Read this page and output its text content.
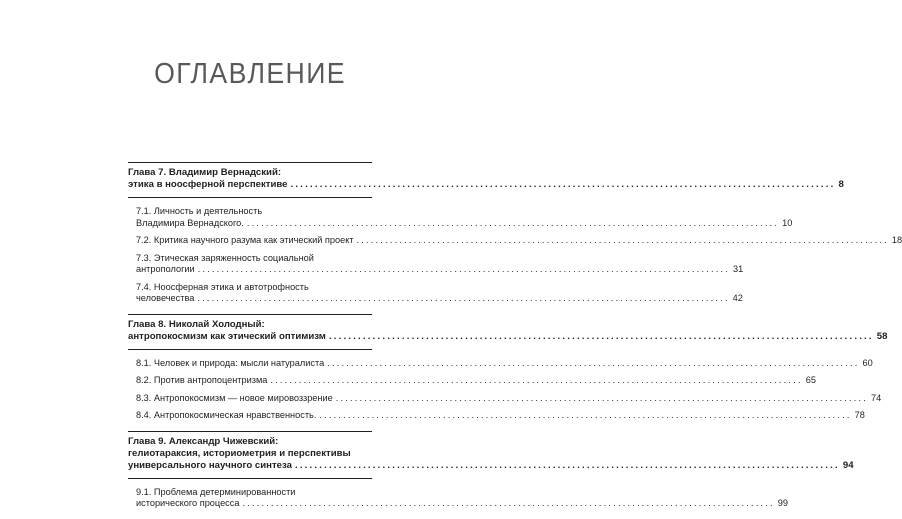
ОГЛАВЛЕНИЕ
Глава 7. Владимир Вернадский:
этика в ноосферной перспективе ................................................................................................................ 8
7.1. Личность и деятельность
Владимира Вернадского. ................................................................................................................ 10
7.2. Критика научного разума как этический проект ................................................................................................................ 18
7.3. Этическая заряженность социальной
антропологии ................................................................................................................ 31
7.4. Ноосферная этика и автотрофность
человечества ................................................................................................................ 42
Глава 8. Николай Холодный:
антропокосмизм как этический оптимизм ................................................................................................................ 58
8.1. Человек и природа: мысли натуралиста ................................................................................................................ 60
8.2. Против антропоцентризма ................................................................................................................ 65
8.3. Антропокосмизм — новое мировоззрение ................................................................................................................ 74
8.4. Антропокосмическая нравственность. ................................................................................................................ 78
Глава 9. Александр Чижевский:
гелиотараксия, историометрия и перспективы
универсального научного синтеза ................................................................................................................ 94
9.1. Проблема детерминированности
исторического процесса ................................................................................................................ 99
